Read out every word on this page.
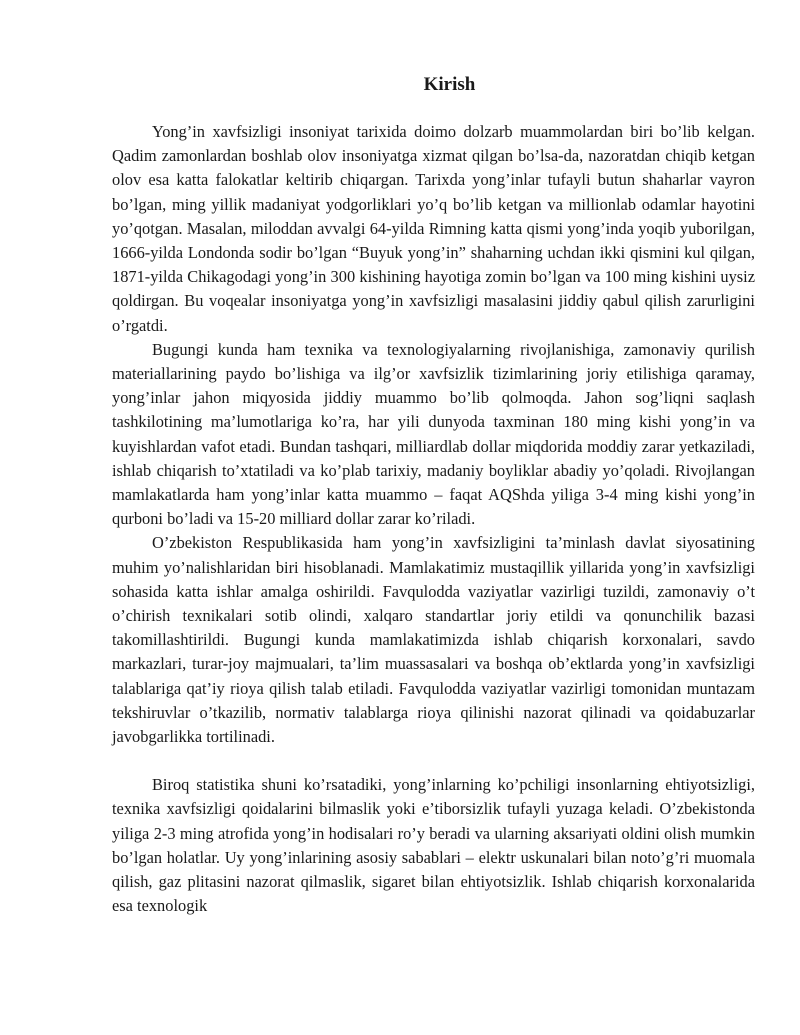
Kirish

Yong’in xavfsizligi insoniyat tarixida doimo dolzarb muammolardan biri bo’lib kelgan. Qadim zamonlardan boshlab olov insoniyatga xizmat qilgan bo’lsa-da, nazoratdan chiqib ketgan olov esa katta falokatlar keltirib chiqargan. Tarixda yong’inlar tufayli butun shaharlar vayron bo’lgan, ming yillik madaniyat yodgorliklari yo’q bo’lib ketgan va millionlab odamlar hayotini yo’qotgan. Masalan, miloddan avvalgi 64-yilda Rimning katta qismi yong’inda yoqib yuborilgan, 1666-yilda Londonda sodir bo’lgan “Buyuk yong’in” shaharning uchdan ikki qismini kul qilgan, 1871-yilda Chikagodagi yong’in 300 kishining hayotiga zomin bo’lgan va 100 ming kishini uysiz qoldirgan. Bu voqealar insoniyatga yong’in xavfsizligi masalasini jiddiy qabul qilish zarurligini o’rgatdi.

Bugungi kunda ham texnika va texnologiyalarning rivojlanishiga, zamonaviy qurilish materiallarining paydo bo’lishiga va ilg’or xavfsizlik tizimlarining joriy etilishiga qaramay, yong’inlar jahon miqyosida jiddiy muammo bo’lib qolmoqda. Jahon sog’liqni saqlash tashkilotining ma’lumotlariga ko’ra, har yili dunyoda taxminan 180 ming kishi yong’in va kuyishlardan vafot etadi. Bundan tashqari, milliardlab dollar miqdorida moddiy zarar yetkaziladi, ishlab chiqarish to’xtatiladi va ko’plab tarixiy, madaniy boyliklar abadiy yo’qoladi. Rivojlangan mamlakatlarda ham yong’inlar katta muammo – faqat AQShda yiliga 3-4 ming kishi yong’in qurboni bo’ladi va 15-20 milliard dollar zarar ko’riladi.

O’zbekiston Respublikasida ham yong’in xavfsizligini ta’minlash davlat siyosatining muhim yo’nalishlaridan biri hisoblanadi. Mamlakatimiz mustaqillik yillarida yong’in xavfsizligi sohasida katta ishlar amalga oshirildi. Favqulodda vaziyatlar vazirligi tuzildi, zamonaviy o’t o’chirish texnikalari sotib olindi, xalqaro standartlar joriy etildi va qonunchilik bazasi takomillashtirildi. Bugungi kunda mamlakatimizda ishlab chiqarish korxonalari, savdo markazlari, turar-joy majmualari, ta’lim muassasalari va boshqa ob’ektlarda yong’in xavfsizligi talablariga qat’iy rioya qilish talab etiladi. Favqulodda vaziyatlar vazirligi tomonidan muntazam tekshiruvlar o’tkazilib, normativ talablarga rioya qilinishi nazorat qilinadi va qoidabuzarlar javobgarlikka tortilinadi.

Biroq statistika shuni ko’rsatadiki, yong’inlarning ko’pchiligi insonlarning ehtiyotsizligi, texnika xavfsizligi qoidalarini bilmaslik yoki e’tiborsizlik tufayli yuzaga keladi. O’zbekistonda yiliga 2-3 ming atrofida yong’in hodisalari ro’y beradi va ularning aksariyati oldini olish mumkin bo’lgan holatlar. Uy yong’inlarining asosiy sabablari – elektr uskunalari bilan noto’g’ri muomala qilish, gaz plitasini nazorat qilmaslik, sigaret bilan ehtiyotsizlik. Ishlab chiqarish korxonalarida esa texnologik
